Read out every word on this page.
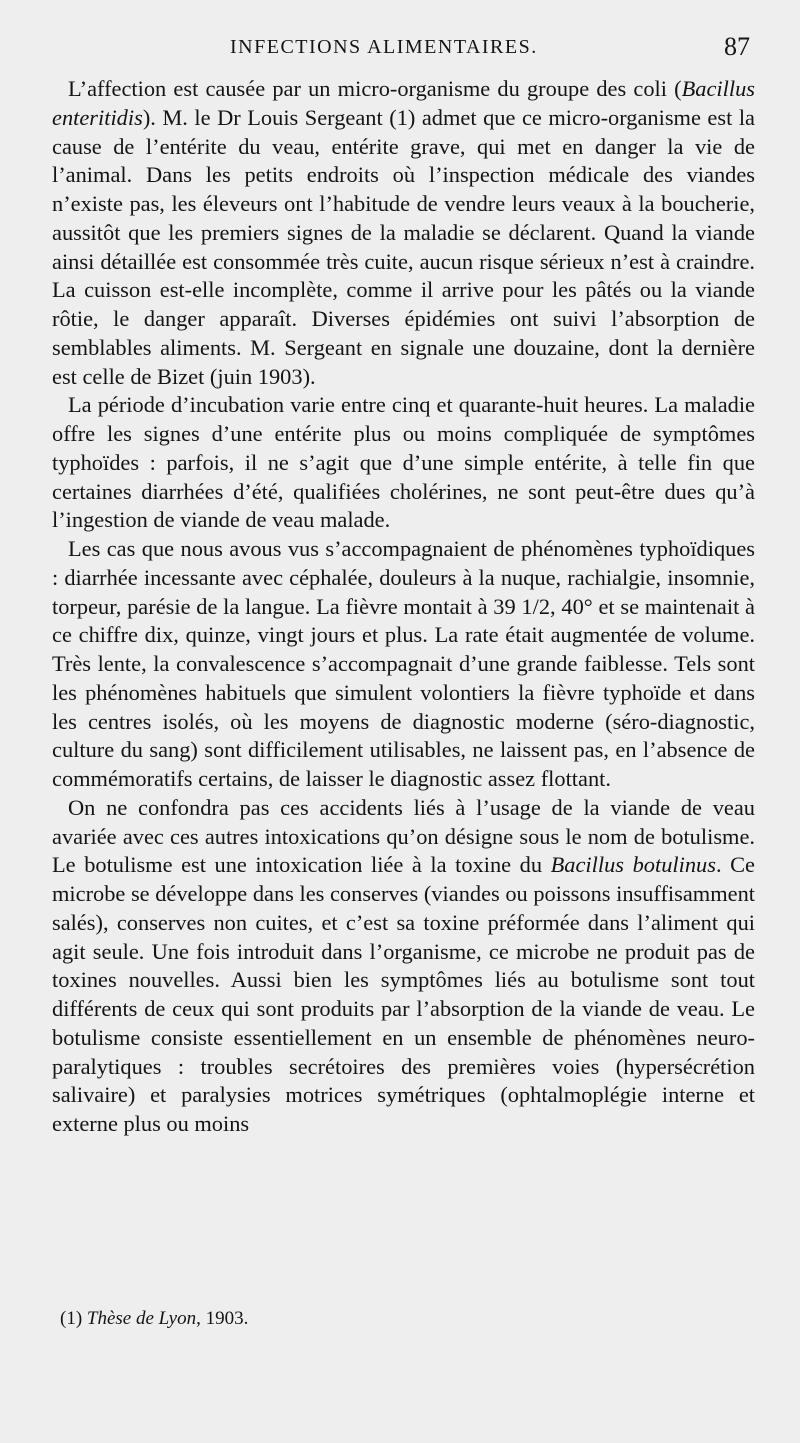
INFECTIONS ALIMENTAIRES.	87

L’affection est causée par un micro-organisme du groupe des coli (Bacillus enteritidis). M. le Dr Louis Sergeant (1) admet que ce micro-organisme est la cause de l’entérite du veau, entérite grave, qui met en danger la vie de l’animal. Dans les petits endroits où l’inspection médicale des viandes n’existe pas, les éleveurs ont l’habitude de vendre leurs veaux à la boucherie, aussitôt que les premiers signes de la maladie se déclarent. Quand la viande ainsi détaillée est consommée très cuite, aucun risque sérieux n’est à craindre. La cuisson est-elle incomplète, comme il arrive pour les pâtés ou la viande rôtie, le danger apparaît. Diverses épidémies ont suivi l’absorption de semblables aliments. M. Sergeant en signale une douzaine, dont la dernière est celle de Bizet (juin 1903).

La période d’incubation varie entre cinq et quarante-huit heures. La maladie offre les signes d’une entérite plus ou moins compliquée de symptômes typhoïdes : parfois, il ne s’agit que d’une simple entérite, à telle fin que certaines diarrhées d’été, qualifiées cholérines, ne sont peut-être dues qu’à l’ingestion de viande de veau malade.

Les cas que nous avous vus s’accompagnaient de phénomènes typhoïdiques : diarrhée incessante avec céphalée, douleurs à la nuque, rachialgie, insomnie, torpeur, parésie de la langue. La fièvre montait à 39 1/2, 40° et se maintenait à ce chiffre dix, quinze, vingt jours et plus. La rate était augmentée de volume. Très lente, la convalescence s’accompagnait d’une grande faiblesse. Tels sont les phénomènes habituels que simulent volontiers la fièvre typhoïde et dans les centres isolés, où les moyens de diagnostic moderne (séro-diagnostic, culture du sang) sont difficilement utilisables, ne laissent pas, en l’absence de commémoratifs certains, de laisser le diagnostic assez flottant.

On ne confondra pas ces accidents liés à l’usage de la viande de veau avariée avec ces autres intoxications qu’on désigne sous le nom de botulisme. Le botulisme est une intoxication liée à la toxine du Bacillus botulinus. Ce microbe se développe dans les conserves (viandes ou poissons insuffisamment salés), conserves non cuites, et c’est sa toxine préformée dans l’aliment qui agit seule. Une fois introduit dans l’organisme, ce microbe ne produit pas de toxines nouvelles. Aussi bien les symptômes liés au botulisme sont tout différents de ceux qui sont produits par l’absorption de la viande de veau. Le botulisme consiste essentiellement en un ensemble de phénomènes neuro-paralytiques : troubles secrétoires des premières voies (hypersécrétion salivaire) et paralysies motrices symétriques (ophtalmoplégie interne et externe plus ou moins

(1) Thèse de Lyon, 1903.
